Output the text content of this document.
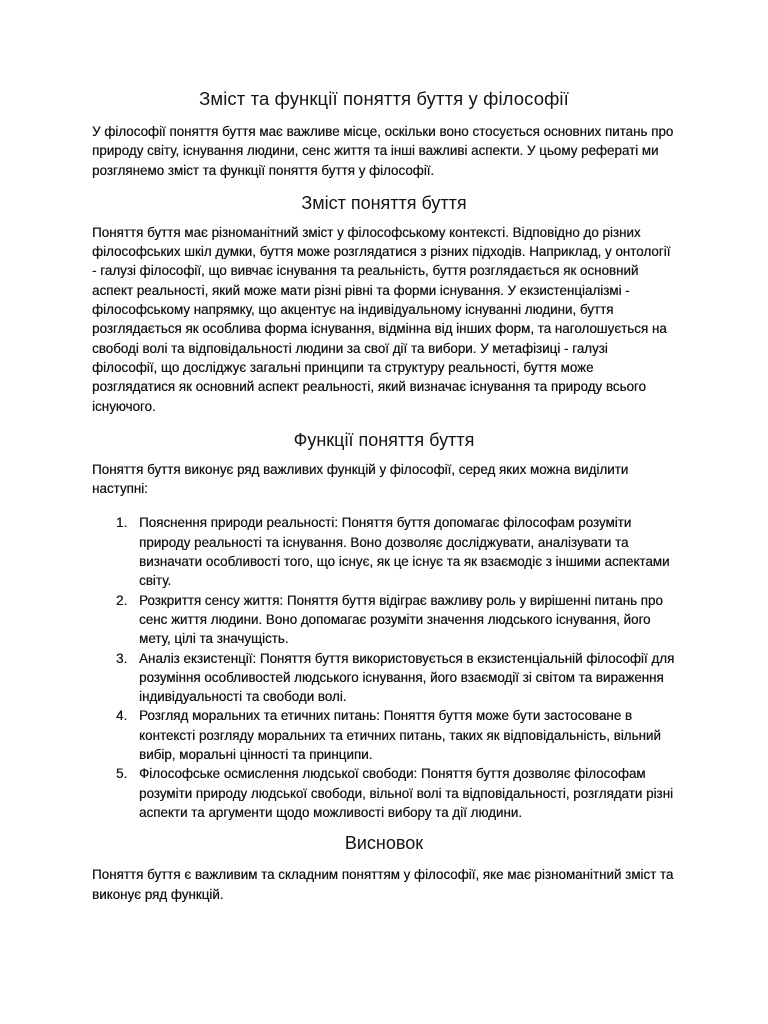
Зміст та функції поняття буття у філософії

У філософії поняття буття має важливе місце, оскільки воно стосується основних питань про природу світу, існування людини, сенс життя та інші важливі аспекти. У цьому рефераті ми розглянемо зміст та функції поняття буття у філософії.

Зміст поняття буття

Поняття буття має різноманітний зміст у філософському контексті. Відповідно до різних філософських шкіл думки, буття може розглядатися з різних підходів. Наприклад, у онтології - галузі філософії, що вивчає існування та реальність, буття розглядається як основний аспект реальності, який може мати різні рівні та форми існування. У екзистенціалізмі - філософському напрямку, що акцентує на індивідуальному існуванні людини, буття розглядається як особлива форма існування, відмінна від інших форм, та наголошується на свободі волі та відповідальності людини за свої дії та вибори. У метафізиці - галузі філософії, що досліджує загальні принципи та структуру реальності, буття може розглядатися як основний аспект реальності, який визначає існування та природу всього існуючого.

Функції поняття буття

Поняття буття виконує ряд важливих функцій у філософії, серед яких можна виділити наступні:

1. Пояснення природи реальності: Поняття буття допомагає філософам розуміти природу реальності та існування. Воно дозволяє досліджувати, аналізувати та визначати особливості того, що існує, як це існує та як взаємодіє з іншими аспектами світу.
2. Розкриття сенсу життя: Поняття буття відіграє важливу роль у вирішенні питань про сенс життя людини. Воно допомагає розуміти значення людського існування, його мету, цілі та значущість.
3. Аналіз екзистенції: Поняття буття використовується в екзистенціальній філософії для розуміння особливостей людського існування, його взаємодії зі світом та вираження індивідуальності та свободи волі.
4. Розгляд моральних та етичних питань: Поняття буття може бути застосоване в контексті розгляду моральних та етичних питань, таких як відповідальність, вільний вибір, моральні цінності та принципи.
5. Філософське осмислення людської свободи: Поняття буття дозволяє філософам розуміти природу людської свободи, вільної волі та відповідальності, розглядати різні аспекти та аргументи щодо можливості вибору та дії людини.
Висновок

Поняття буття є важливим та складним поняттям у філософії, яке має різноманітний зміст та виконує ряд функцій.
